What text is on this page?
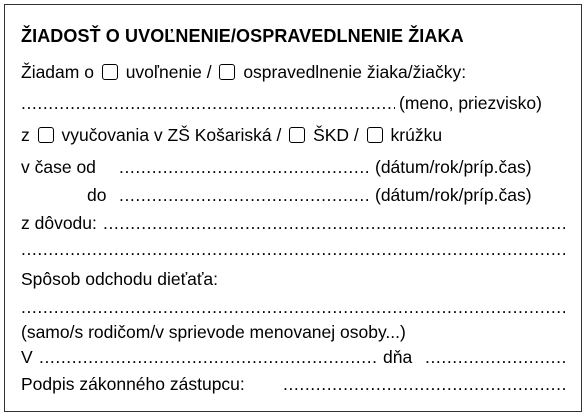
ŽIADOSŤ O UVOĽNENIE/OSPRAVEDLNENIE ŽIAKA
Žiadam o uvoľnenie / ospravedlnenie žiaka/žiačky:
.....
(meno, priezvisko)
z vyučovania v ZŠ Košariská / ŠKD / krúžku
v čase od .....	(dátum/rok/príp.čas)
do .....	(dátum/rok/príp.čas)
z dôvodu:
.....
.....
Spôsob odchodu dieťaťa:
.....
(samo/s rodičom/v sprievode menovanej osoby...)
V .....	dňa
.....
Podpis zákonného zástupcu:
.....
